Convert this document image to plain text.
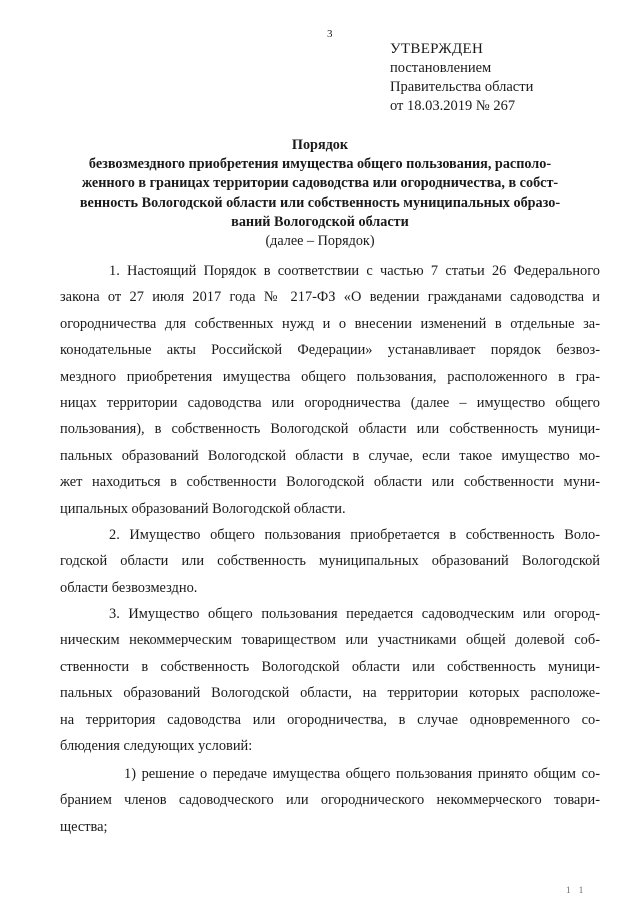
3
УТВЕРЖДЕН
постановлением
Правительства области
от 18.03.2019 № 267
Порядок
безвозмездного приобретения имущества общего пользования, располо-
женного в границах территории садоводства или огородничества, в собст-
венность Вологодской области или собственность муниципальных образо-
ваний Вологодской области
(далее – Порядок)
1. Настоящий Порядок в соответствии с частью 7 статьи 26 Федерального
закона от 27 июля 2017 года № 217-ФЗ «О ведении гражданами садоводства и
огородничества для собственных нужд и о внесении изменений в отдельные за-
конодательные акты Российской Федерации» устанавливает порядок безвоз-
мездного приобретения имущества общего пользования, расположенного в гра-
ницах территории садоводства или огородничества (далее – имущество общего
пользования), в собственность Вологодской области или собственность муници-
пальных образований Вологодской области в случае, если такое имущество мо-
жет находиться в собственности Вологодской области или собственности муни-
ципальных образований Вологодской области.
2. Имущество общего пользования приобретается в собственность Воло-
годской области или собственность муниципальных образований Вологодской
области безвозмездно.
3. Имущество общего пользования передается садоводческим или огород-
ническим некоммерческим товариществом или участниками общей долевой соб-
ственности в собственность Вологодской области или собственность муници-
пальных образований Вологодской области, на территории которых расположе-
на территория садоводства или огородничества, в случае одновременного со-
блюдения следующих условий:
1) решение о передаче имущества общего пользования принято общим со-
бранием членов садоводческого или огороднического некоммерческого товари-
щества;
1 1
